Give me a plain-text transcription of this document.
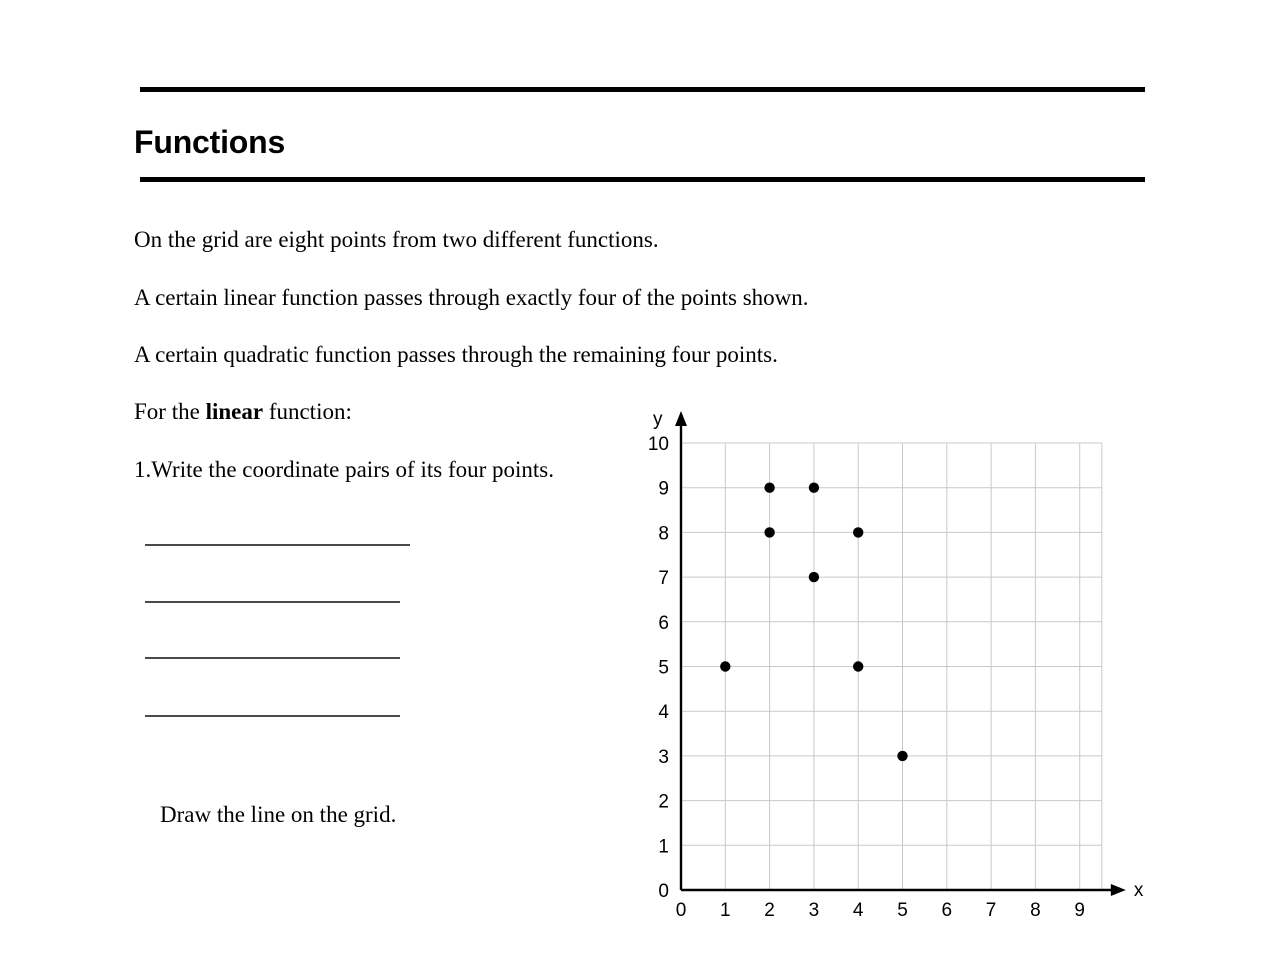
Functions
On the grid are eight points from two different functions.
A certain linear function passes through exactly four of the points shown.
A certain quadratic function passes through the remaining four points.
For the linear function:
1.Write the coordinate pairs of its four points.
Draw the line on the grid.
0 1 2 3 4 5 6 7 8 9
0
1
2
3
4
5
6
7
8
9
10
x
y
